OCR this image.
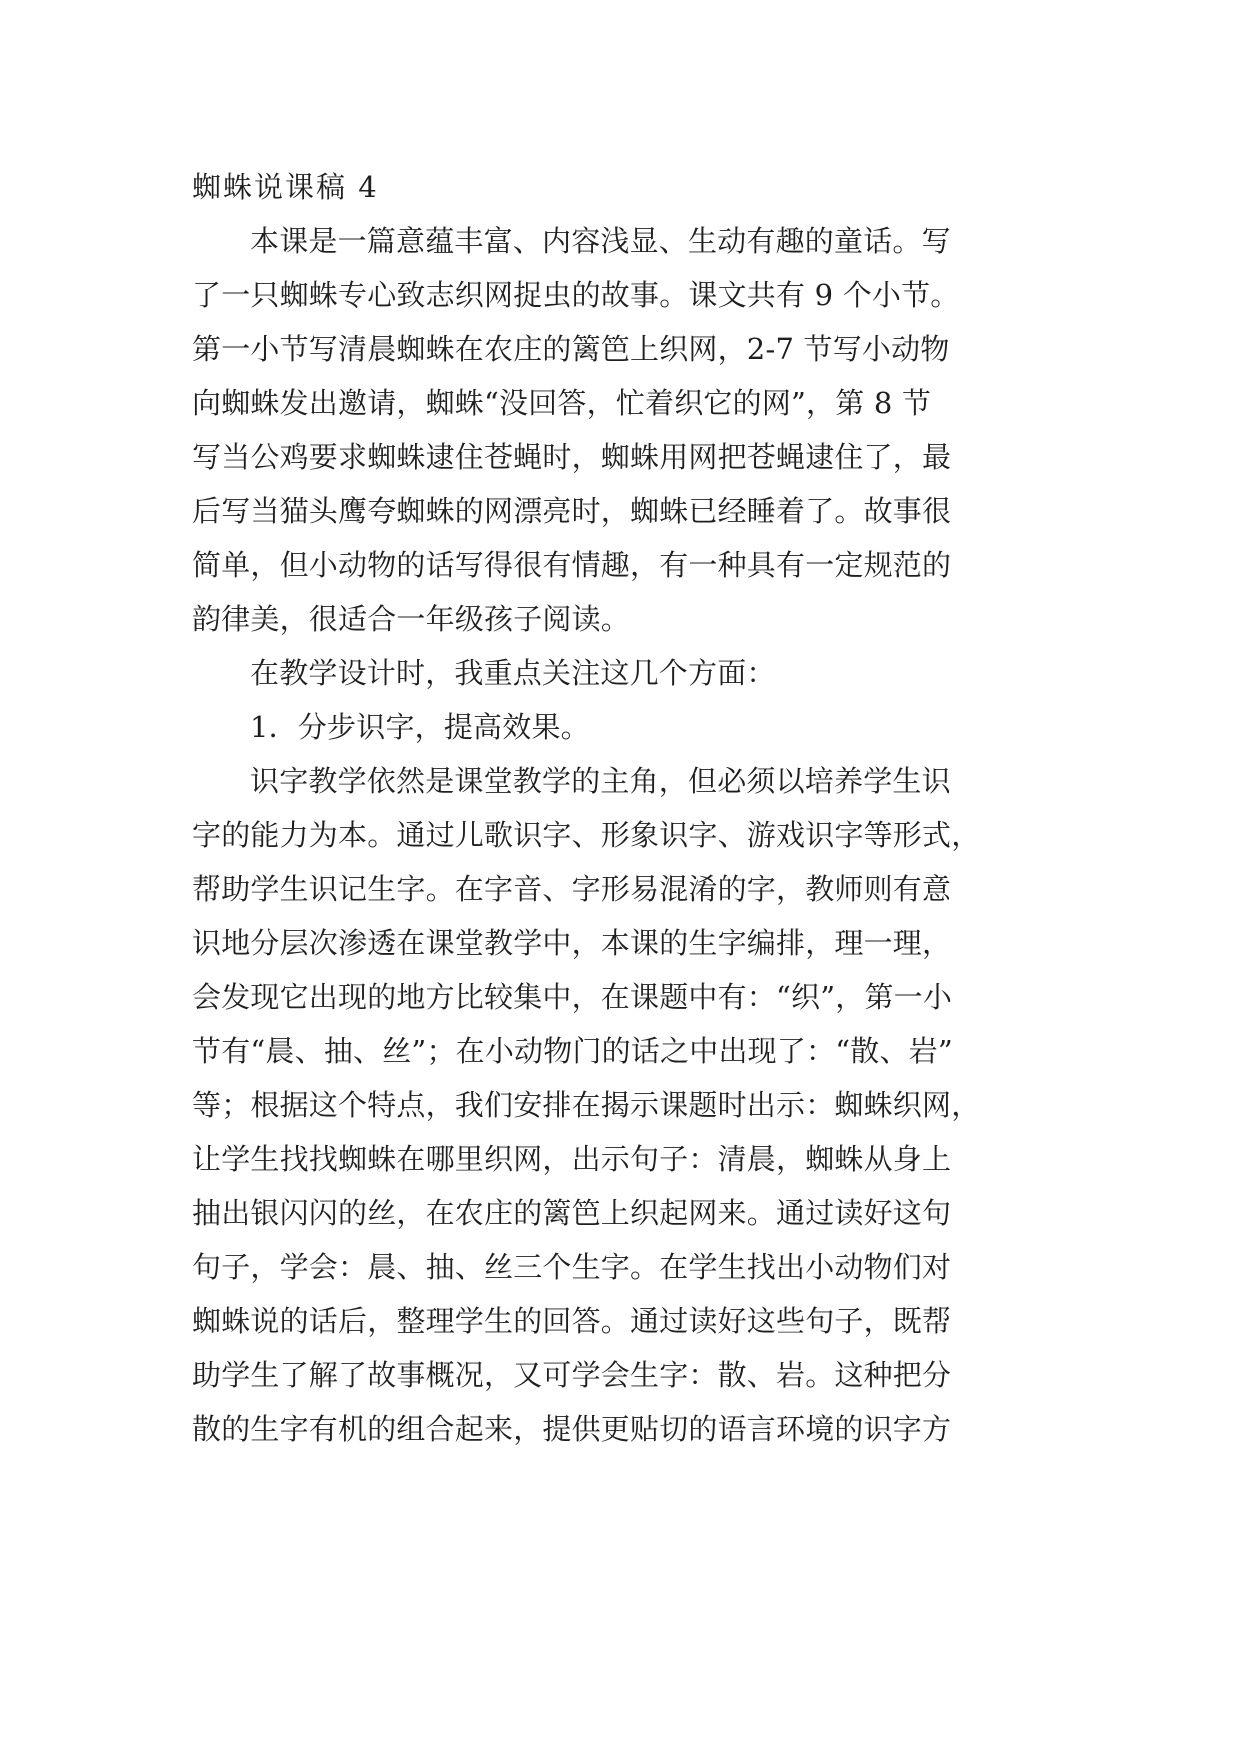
蜘蛛说课稿 4

本课是一篇意蕴丰富、内容浅显、生动有趣的童话。写

了一只蜘蛛专心致志织网捉虫的故事。课文共有 9 个小节。

第一小节写清晨蜘蛛在农庄的篱笆上织网，2-7 节写小动物

向蜘蛛发出邀请，蜘蛛“没回答，忙着织它的网”，第 8 节

写当公鸡要求蜘蛛逮住苍蝇时，蜘蛛用网把苍蝇逮住了，最

后写当猫头鹰夸蜘蛛的网漂亮时，蜘蛛已经睡着了。故事很

简单，但小动物的话写得很有情趣，有一种具有一定规范的

韵律美，很适合一年级孩子阅读。

在教学设计时，我重点关注这几个方面：

1．分步识字，提高效果。

识字教学依然是课堂教学的主角，但必须以培养学生识

字的能力为本。通过儿歌识字、形象识字、游戏识字等形式，

帮助学生识记生字。在字音、字形易混淆的字，教师则有意

识地分层次渗透在课堂教学中，本课的生字编排，理一理，

会发现它出现的地方比较集中，在课题中有：“织”，第一小

节有“晨、抽、丝”；在小动物门的话之中出现了：“散、岩”

等；根据这个特点，我们安排在揭示课题时出示：蜘蛛织网，

让学生找找蜘蛛在哪里织网，出示句子：清晨，蜘蛛从身上

抽出银闪闪的丝，在农庄的篱笆上织起网来。通过读好这句

句子，学会：晨、抽、丝三个生字。在学生找出小动物们对

蜘蛛说的话后，整理学生的回答。通过读好这些句子，既帮

助学生了解了故事概况，又可学会生字：散、岩。这种把分

散的生字有机的组合起来，提供更贴切的语言环境的识字方
